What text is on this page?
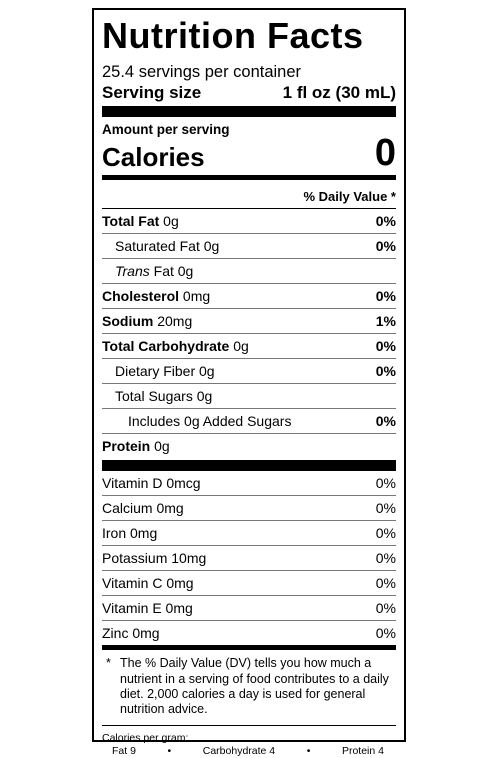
Nutrition Facts
25.4 servings per container
Serving size	1 fl oz (30 mL)
Amount per serving
Calories	0
% Daily Value *
Total Fat 0g	0%
Saturated Fat 0g	0%
Trans Fat 0g
Cholesterol 0mg	0%
Sodium 20mg	1%
Total Carbohydrate 0g	0%
Dietary Fiber 0g	0%
Total Sugars 0g
Includes 0g Added Sugars	0%
Protein 0g
Vitamin D 0mcg	0%
Calcium 0mg	0%
Iron 0mg	0%
Potassium 10mg	0%
Vitamin C 0mg	0%
Vitamin E 0mg	0%
Zinc 0mg	0%
* The % Daily Value (DV) tells you how much a nutrient in a serving of food contributes to a daily diet. 2,000 calories a day is used for general nutrition advice.
Calories per gram:
Fat 9	•	Carbohydrate 4	•	Protein 4
